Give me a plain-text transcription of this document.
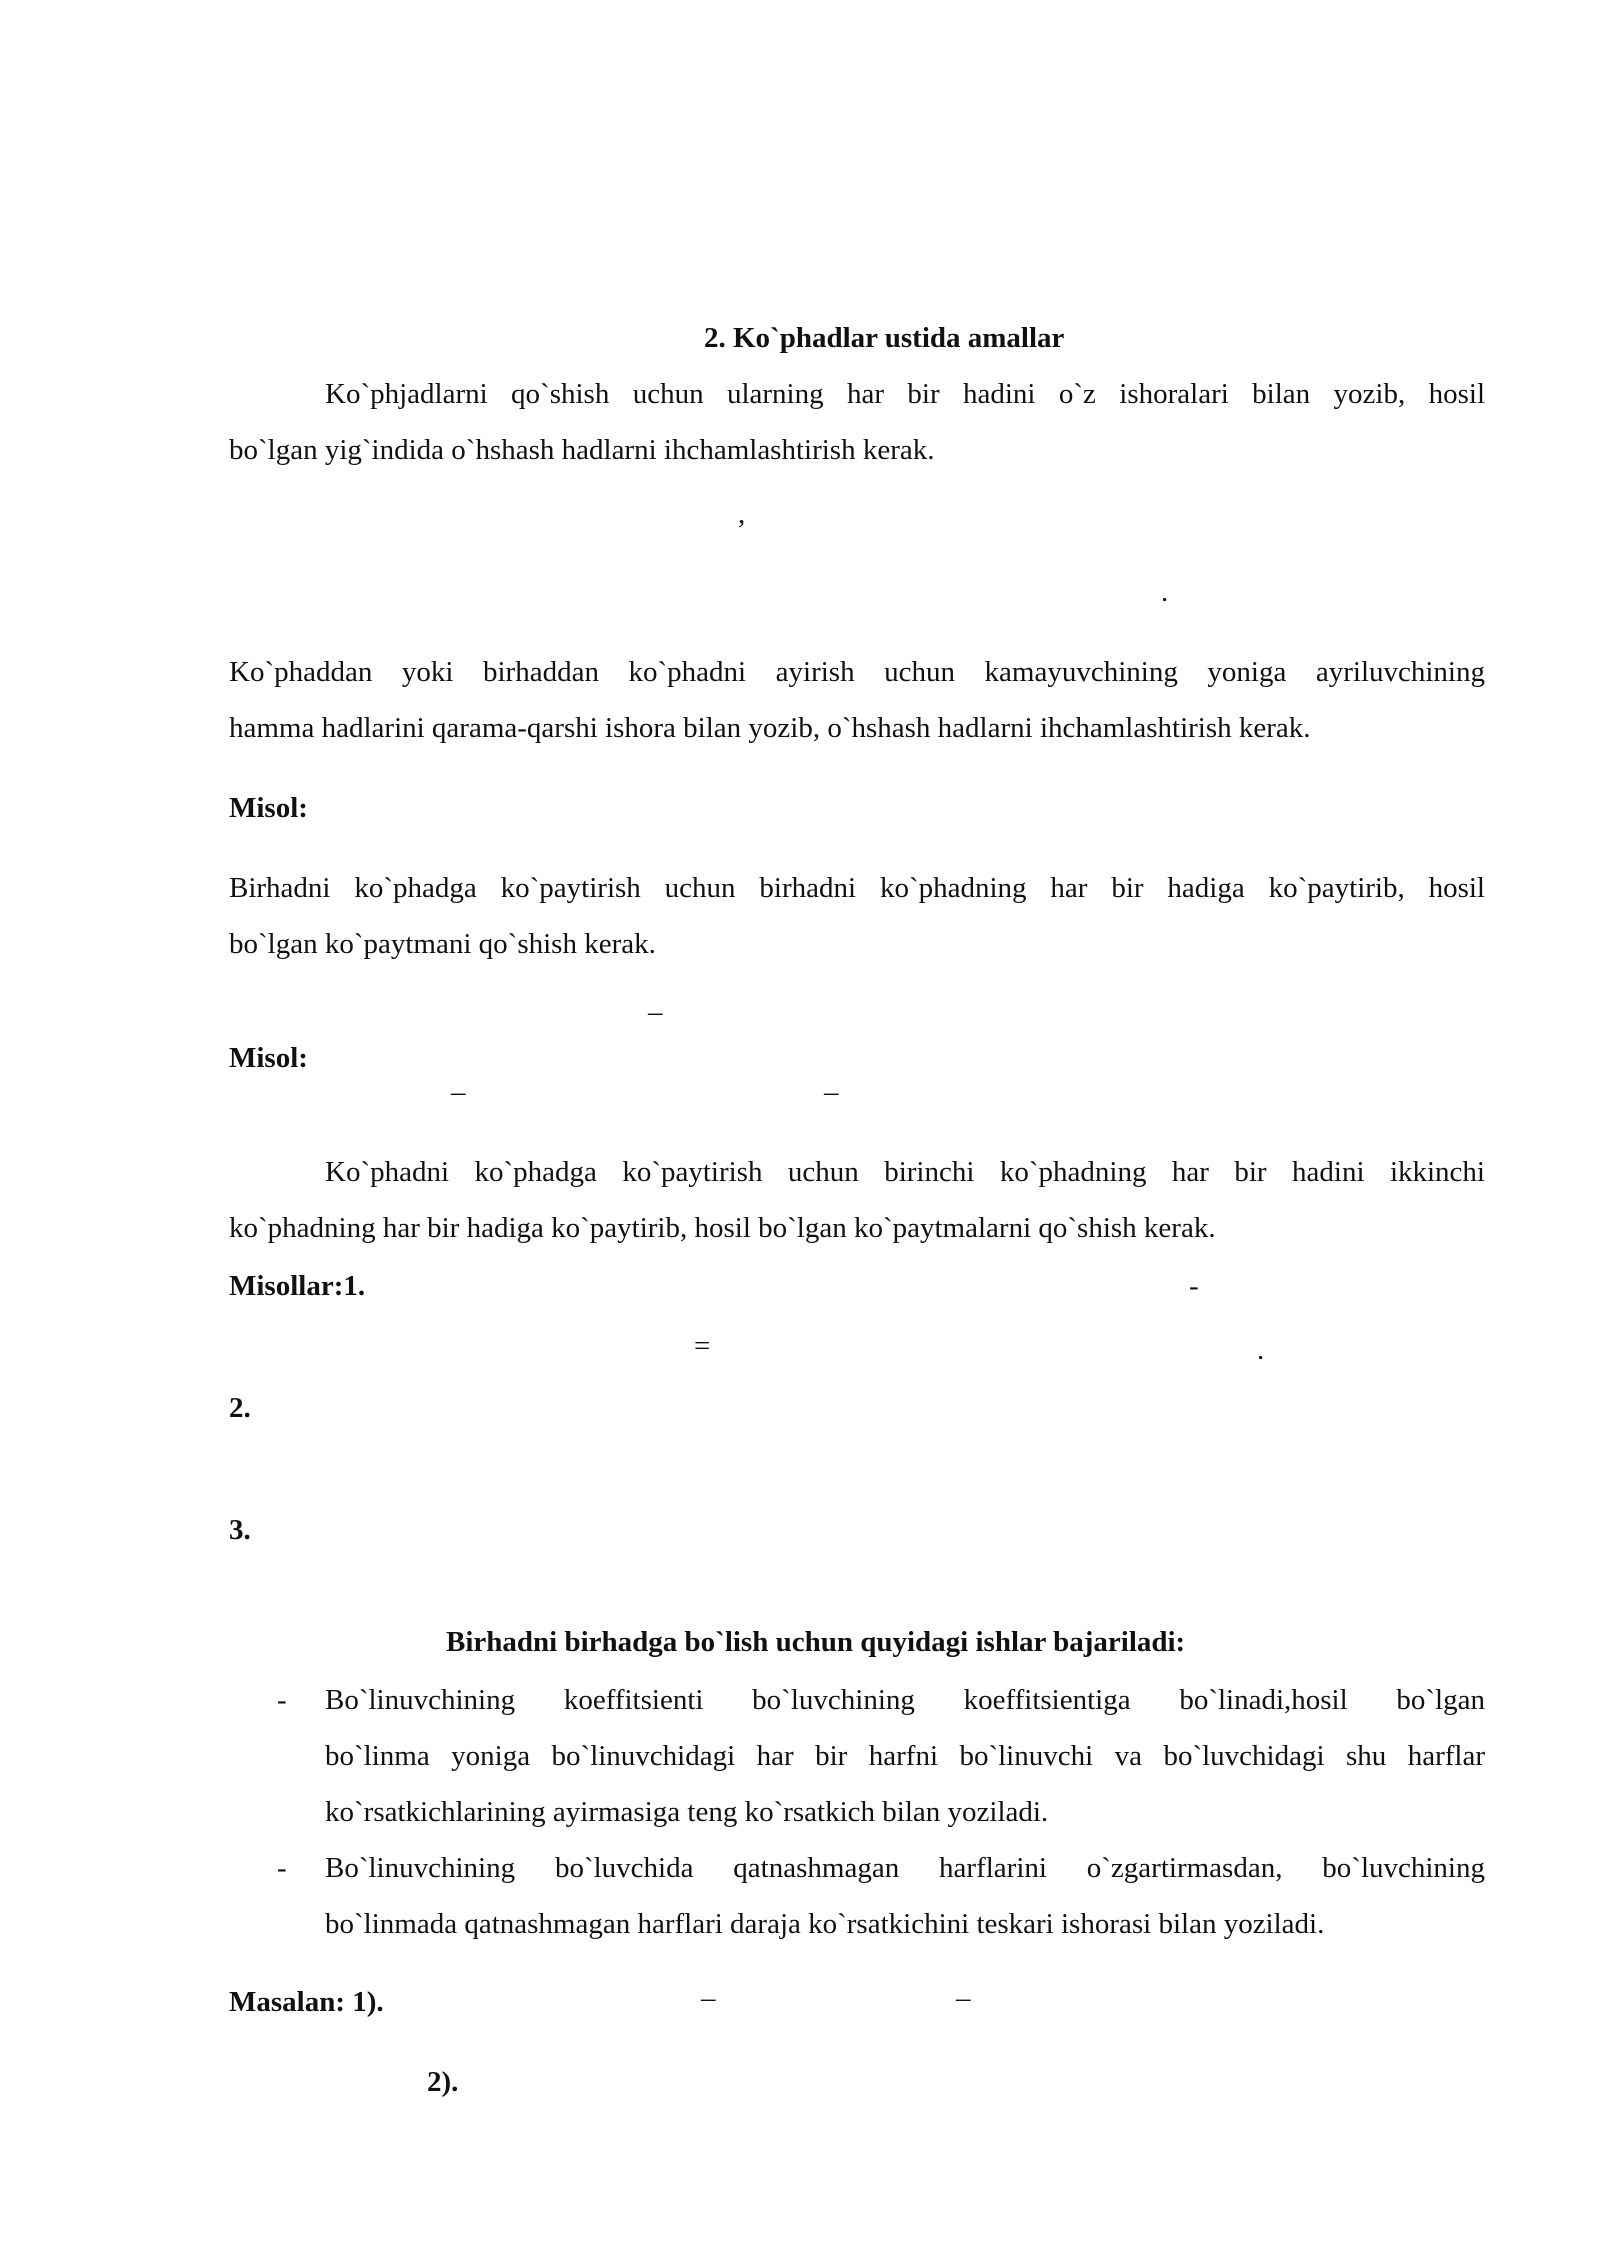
2. Ko`phadlar ustida amallar
Ko`phjadlarni qo`shish uchun ularning har bir hadini o`z ishoralari bilan yozib, hosil
bo`lgan yig`indida o`hshash hadlarni ihchamlashtirish kerak.
,
.
Ko`phaddan yoki birhaddan ko`phadni ayirish uchun kamayuvchining yoniga ayriluvchining
hamma hadlarini qarama-qarshi ishora bilan yozib, o`hshash hadlarni ihchamlashtirish kerak.
Misol:
Birhadni ko`phadga ko`paytirish uchun birhadni ko`phadning har bir hadiga ko`paytirib, hosil
bo`lgan ko`paytmani qo`shish kerak.
–
Misol:
–	–
Ko`phadni ko`phadga ko`paytirish uchun birinchi ko`phadning har bir hadini ikkinchi
ko`phadning har bir hadiga ko`paytirib, hosil bo`lgan ko`paytmalarni qo`shish kerak.
Misollar:1.	-
=	.
2.
3.
Birhadni birhadga bo`lish uchun quyidagi ishlar bajariladi:
- Bo`linuvchining koeffitsienti bo`luvchining koeffitsientiga bo`linadi,hosil bo`lgan
bo`linma yoniga bo`linuvchidagi har bir harfni bo`linuvchi va bo`luvchidagi shu harflar
ko`rsatkichlarining ayirmasiga teng ko`rsatkich bilan yoziladi.
- Bo`linuvchining bo`luvchida qatnashmagan harflarini o`zgartirmasdan, bo`luvchining
bo`linmada qatnashmagan harflari daraja ko`rsatkichini teskari ishorasi bilan yoziladi.
Masalan: 1).	–	–
2).
